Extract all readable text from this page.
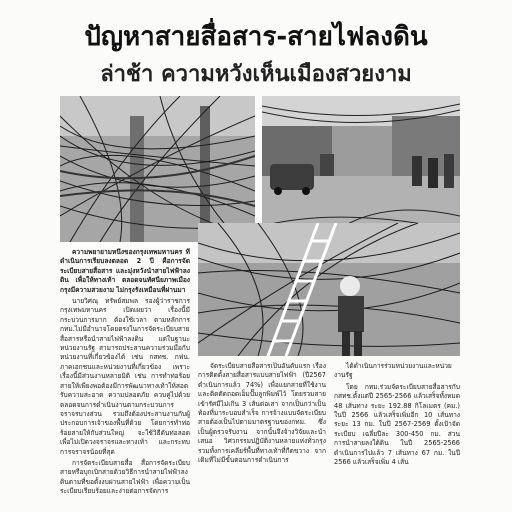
ปัญหาสายสื่อสาร-สายไฟลงดิน
ล่าช้า ความหวังเห็นเมืองสวยงาม

ความพยายามหนึ่งของกรุงเทพมหานคร ที่ดำเนินการเรียบลงตลอด 2 ปี คือการจัดระเบียบสายสื่อสาร และมุ่งหวังนำสายไฟฟ้าลงดิน เพื่อให้ทางเท้า ตลอดจนทัศนียภาพเมืองกรุงมีความสวยงาม ไม่กรุงรังเหมือนที่ผ่านมา

นายวิศณุ ทรัพย์สมพล รองผู้ว่าราชการกรุงเทพมหานคร เปิดเผยว่า เรื่องนี้มีกระบวนการมาก ต้องใช้เวลา ตามหลักการ กทม.ไม่มีอำนาจโดยตรงในการจัดระเบียบสายสื่อสารหรือนำสายไฟฟ้าลงดิน แต่ในฐานะหน่วยงานรัฐ สามารถประสานความร่วมมือกับหน่วยงานที่เกี่ยวข้องได้ เช่น กสทช. กฟน. ภาคเอกชนและหน่วยงานที่เกี่ยวข้อง เพราะเรื่องนี้มีส่วนงานหลายมิติ เช่น การทำท่อร้อยสายให้เพียงพอต้องมีการพัฒนาทางเท้าให้สอดรับความสะอาด ความปลอดภัย ควบคู่ไปด้วย ตลอดจนการดำเนินงานตามกระบวนการจราจรบางส่วน รวมถึงต้องประสานงานกับผู้ประกอบการเจ้าของพื้นที่ด้วย โดยการทำท่อร้อยสายให้กับส่วนใหญ่ จะใช้วิธีดันท่อลอด เพื่อไม่เปิดวงจราจรและทางเท้า และกระทบการจราจรน้อยที่สุด

การจัดระเบียบสายสื่อ สื่อการจัดระเบียบสายหรือบุกเบิกสายด้วยวิธีการนำสายไฟฟ้าลงดินตามที่ขอตั้งงบผ่านสายไฟฟ้า เพื่อความเป็นระเบียบเรียบร้อยและง่ายต่อการจัดการ

จัดระเบียบสายสื่อสารเป็นอันดับแรก เรื่องการติดตั้งสายสื่อสารแบบสายไฟฟ้า (ปี2567 ดำเนินการแล้ว 74%) เพื่อแยกสายที่ใช้งานและติดตัดถอดเอ็มปั๊มลูกพิมพ์ไว้ โดยรวมสายเข้ารัศมีไม่เกิน 3 เส้นต่อเสา จากเป็นกว่าเป็นท้องที่มาระบอบสำเร็จ การจ้างแบบจัดระเบียบสายต้องเป็นไปตามมาตรฐานของกทม. ซึ่งเป็นผู้ตรวจรับงาน จากนั้นจึงจ้างวิจัยและนำเสนอ วิศวกรรมปฏิบัติงานหลายแห่งทั่วกรุง รวมทั้งการเคลียร์พื้นที่ทางเท้าที่กีดขวาง จากเดิมที่ไม่มีขั้นตอนการดำเนินการ

ได้ดำเนินการร่วมหน่วยงานและหน่วยงานรัฐ

โดย กทม.ร่วมจัดระเบียบสายสื่อสารกับ กสทช.ตั้งแต่ปี 2565-2566 แล้วเสร็จทั้งหมด 48 เส้นทาง ระยะ 192.88 กิโลเมตร (คม.) ในปี 2566 แล้วเสร็จเพิ่มอีก 10 เส้นทาง ระยะ 13 กม. ในปี 2567-2569 ตั้งเป้าจัดระเบียบ เฉลี่ยปีละ 300-450 กม. ส่วนการนำสายลงใต้ดิน ในปี 2565-2566 ดำเนินการไปแล้ว 7 เส้นทาง 67 กม. ในปี 2566 แล้วเสร็จเพิ่ม 4 เส้น
